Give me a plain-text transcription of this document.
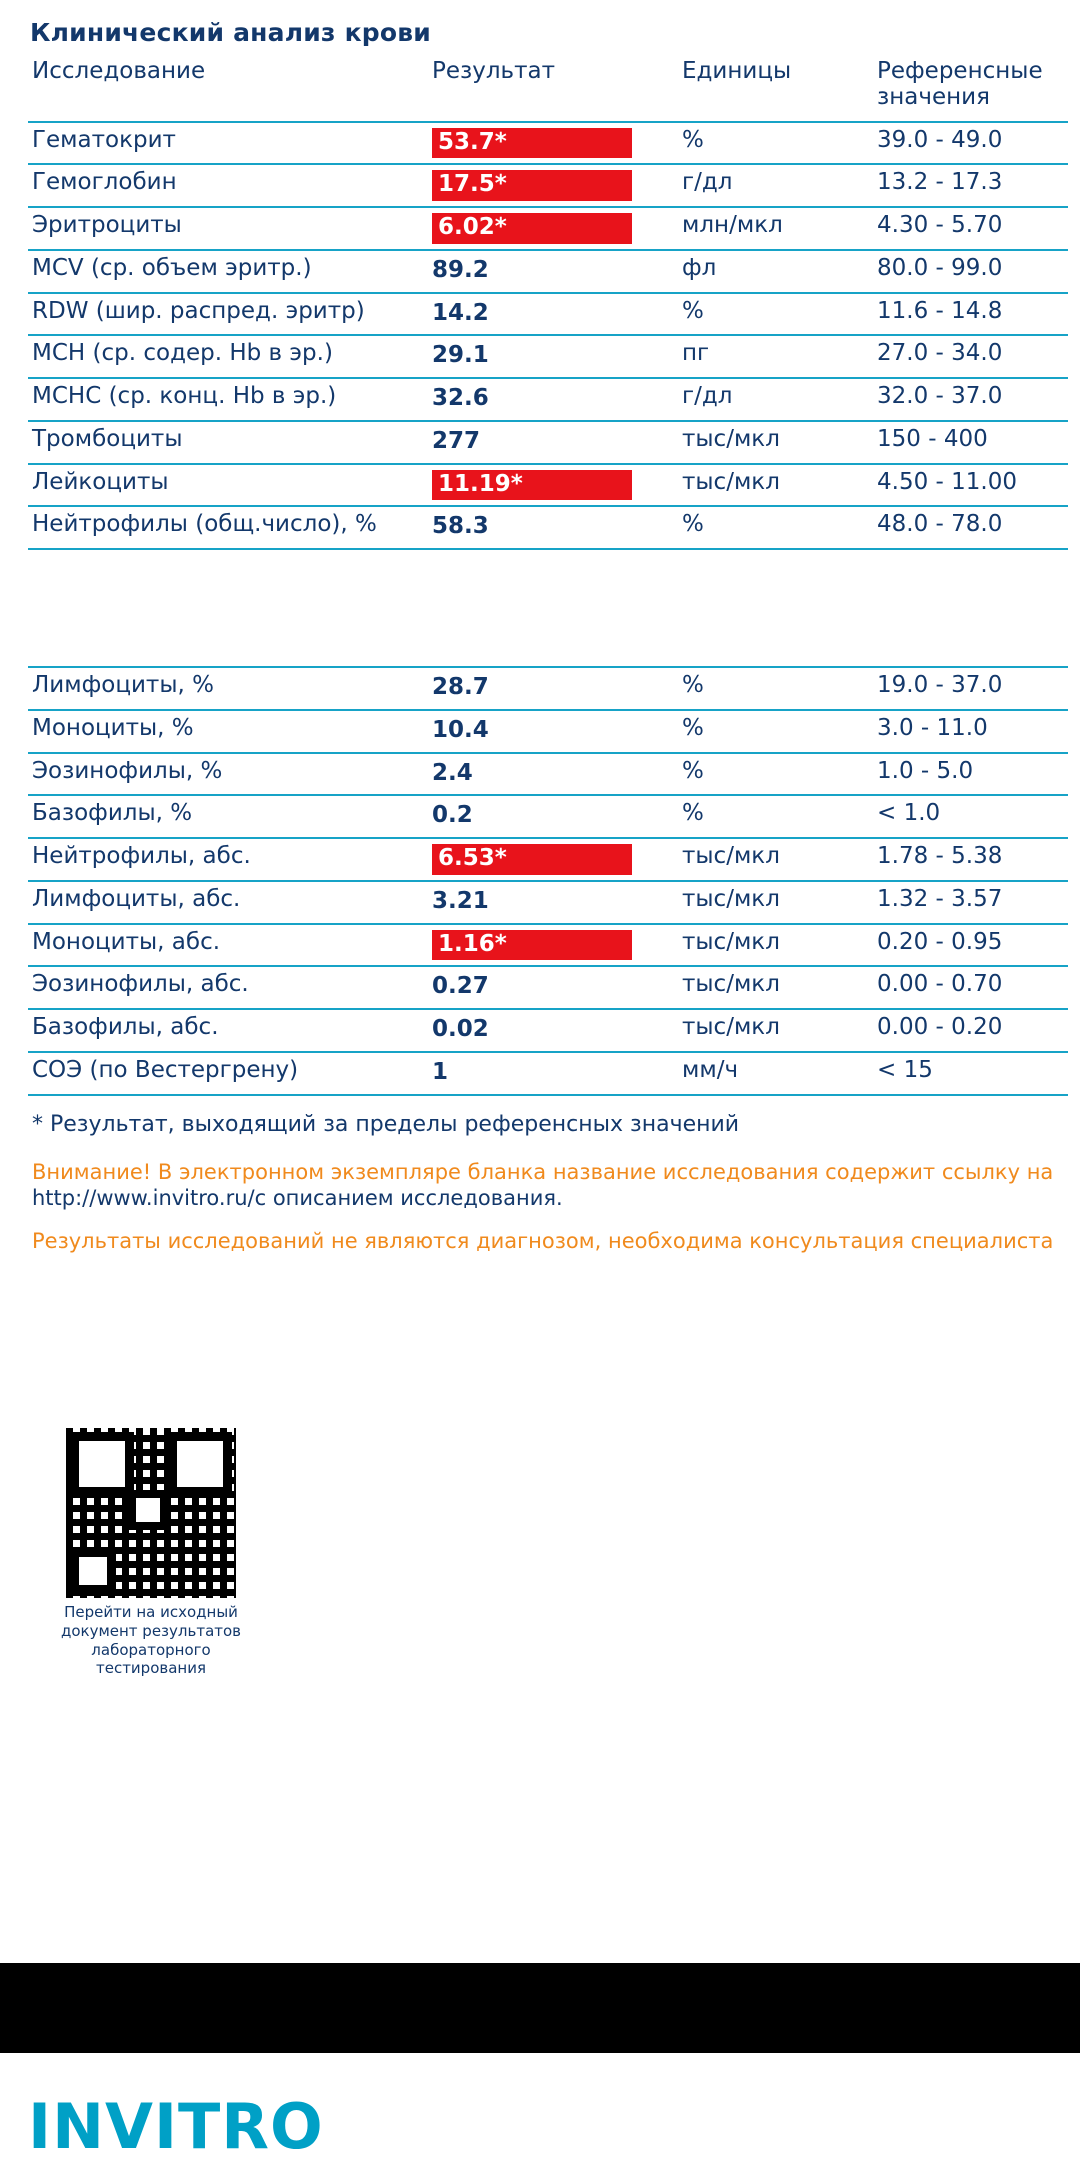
Клинический анализ крови
Исследование	Результат	Единицы	Референсные
значения
Гематокрит	53.7*	%	39.0 - 49.0
Гемоглобин	17.5*	г/дл	13.2 - 17.3
Эритроциты	6.02*	млн/мкл	4.30 - 5.70
MCV (ср. объем эритр.)	89.2	фл	80.0 - 99.0
RDW (шир. распред. эритр)	14.2	%	11.6 - 14.8
MCH (ср. содер. Hb в эр.)	29.1	пг	27.0 - 34.0
MCHC (ср. конц. Hb в эр.)	32.6	г/дл	32.0 - 37.0
Тромбоциты	277	тыс/мкл	150 - 400
Лейкоциты	11.19*	тыс/мкл	4.50 - 11.00
Нейтрофилы (общ.число), %	58.3	%	48.0 - 78.0

Лимфоциты, %	28.7	%	19.0 - 37.0
Моноциты, %	10.4	%	3.0 - 11.0
Эозинофилы, %	2.4	%	1.0 - 5.0
Базофилы, %	0.2	%	< 1.0
Нейтрофилы, абс.	6.53*	тыс/мкл	1.78 - 5.38
Лимфоциты, абс.	3.21	тыс/мкл	1.32 - 3.57
Моноциты, абс.	1.16*	тыс/мкл	0.20 - 0.95
Эозинофилы, абс.	0.27	тыс/мкл	0.00 - 0.70
Базофилы, абс.	0.02	тыс/мкл	0.00 - 0.20
СОЭ (по Вестергрену)	1	мм/ч	< 15
* Результат, выходящий за пределы референсных значений
Внимание! В электронном экземпляре бланка название исследования содержит ссылку на
http://www.invitro.ru/с описанием исследования.
Результаты исследований не являются диагнозом, необходима консультация специалиста
Перейти на исходный
документ результатов
лабораторного тестирования
INVITRO
